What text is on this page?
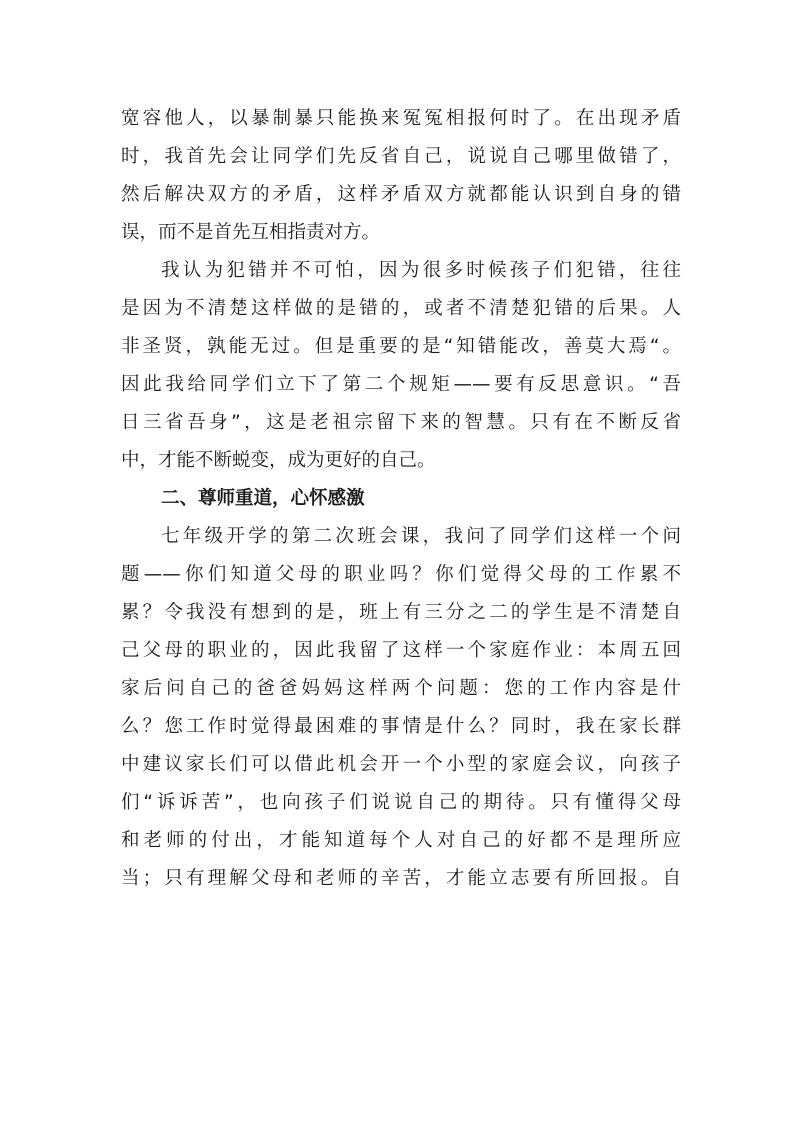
宽容他人，以暴制暴只能换来冤冤相报何时了。在出现矛盾
时，我首先会让同学们先反省自己，说说自己哪里做错了，
然后解决双方的矛盾，这样矛盾双方就都能认识到自身的错
误，而不是首先互相指责对方。
我认为犯错并不可怕，因为很多时候孩子们犯错，往往
是因为不清楚这样做的是错的，或者不清楚犯错的后果。人
非圣贤，孰能无过。但是重要的是“知错能改，善莫大焉“。
因此我给同学们立下了第二个规矩——要有反思意识。“吾
日三省吾身”，这是老祖宗留下来的智慧。只有在不断反省
中，才能不断蜕变，成为更好的自己。
二、尊师重道，心怀感激
七年级开学的第二次班会课，我问了同学们这样一个问
题——你们知道父母的职业吗？你们觉得父母的工作累不
累？令我没有想到的是，班上有三分之二的学生是不清楚自
己父母的职业的，因此我留了这样一个家庭作业：本周五回
家后问自己的爸爸妈妈这样两个问题：您的工作内容是什
么？您工作时觉得最困难的事情是什么？同时，我在家长群
中建议家长们可以借此机会开一个小型的家庭会议，向孩子
们“诉诉苦”，也向孩子们说说自己的期待。只有懂得父母
和老师的付出，才能知道每个人对自己的好都不是理所应
当；只有理解父母和老师的辛苦，才能立志要有所回报。自
